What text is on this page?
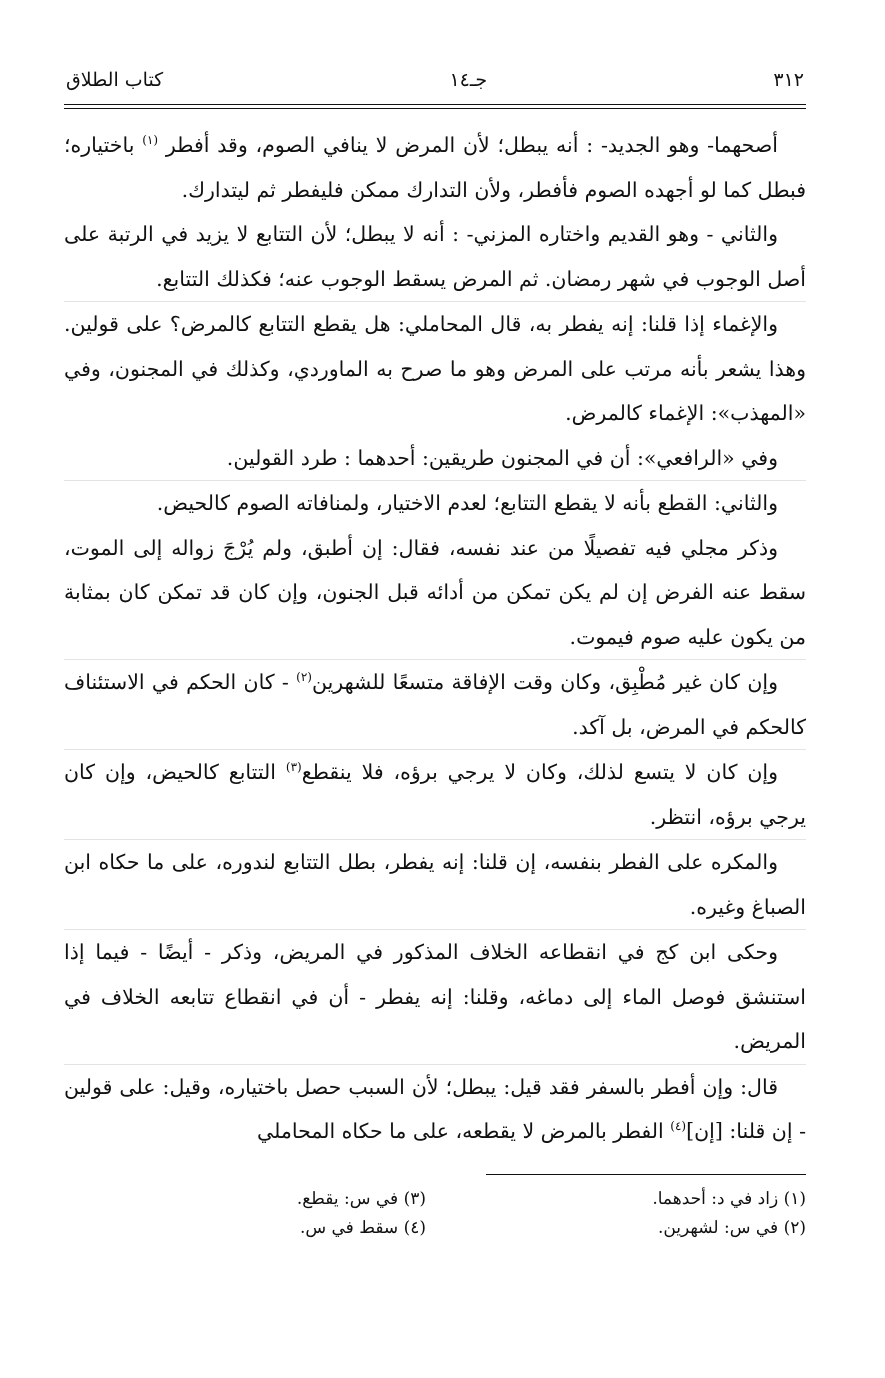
٣١٢
جـ١٤
كتاب الطلاق

أصحهما- وهو الجديد- : أنه يبطل؛ لأن المرض لا ينافي الصوم، وقد أفطر $^{(١)}$ باختياره؛ فبطل كما لو أجهده الصوم فأفطر، ولأن التدارك ممكن فليفطر ثم ليتدارك.

والثاني - وهو القديم واختاره المزني- : أنه لا يبطل؛ لأن التتابع لا يزيد في الرتبة على أصل الوجوب في شهر رمضان. ثم المرض يسقط الوجوب عنه؛ فكذلك التتابع.

والإغماء إذا قلنا: إنه يفطر به، قال المحاملي: هل يقطع التتابع كالمرض؟ على قولين. وهذا يشعر بأنه مرتب على المرض وهو ما صرح به الماوردي، وكذلك في المجنون، وفي «المهذب»: الإغماء كالمرض.

وفي «الرافعي»: أن في المجنون طريقين: أحدهما : طرد القولين.

والثاني: القطع بأنه لا يقطع التتابع؛ لعدم الاختيار، ولمنافاته الصوم كالحيض.

وذكر مجلي فيه تفصيلًا من عند نفسه، فقال: إن أطبق، ولم يُرْجَ زواله إلى الموت، سقط عنه الفرض إن لم يكن تمكن من أدائه قبل الجنون، وإن كان قد تمكن كان بمثابة من يكون عليه صوم فيموت.

وإن كان غير مُطْبِق، وكان وقت الإفاقة متسعًا للشهرين$^{(٢)}$ - كان الحكم في الاستئناف كالحكم في المرض، بل آكد.

وإن كان لا يتسع لذلك، وكان لا يرجي برؤه، فلا ينقطع$^{(٣)}$ التتابع كالحيض، وإن كان يرجي برؤه، انتظر.

والمكره على الفطر بنفسه، إن قلنا: إنه يفطر، بطل التتابع لندوره، على ما حكاه ابن الصباغ وغيره.

وحكى ابن كج في انقطاعه الخلاف المذكور في المريض، وذكر - أيضًا - فيما إذا استنشق فوصل الماء إلى دماغه، وقلنا: إنه يفطر - أن في انقطاع تتابعه الخلاف في المريض.

قال: وإن أفطر بالسفر فقد قيل: يبطل؛ لأن السبب حصل باختياره، وقيل: على قولين - إن قلنا: [إن]$^{(٤)}$ الفطر بالمرض لا يقطعه، على ما حكاه المحاملي

(١) زاد في د: أحدهما.
(٣) في س: يقطع.
(٢) في س: لشهرين.
(٤) سقط في س.
